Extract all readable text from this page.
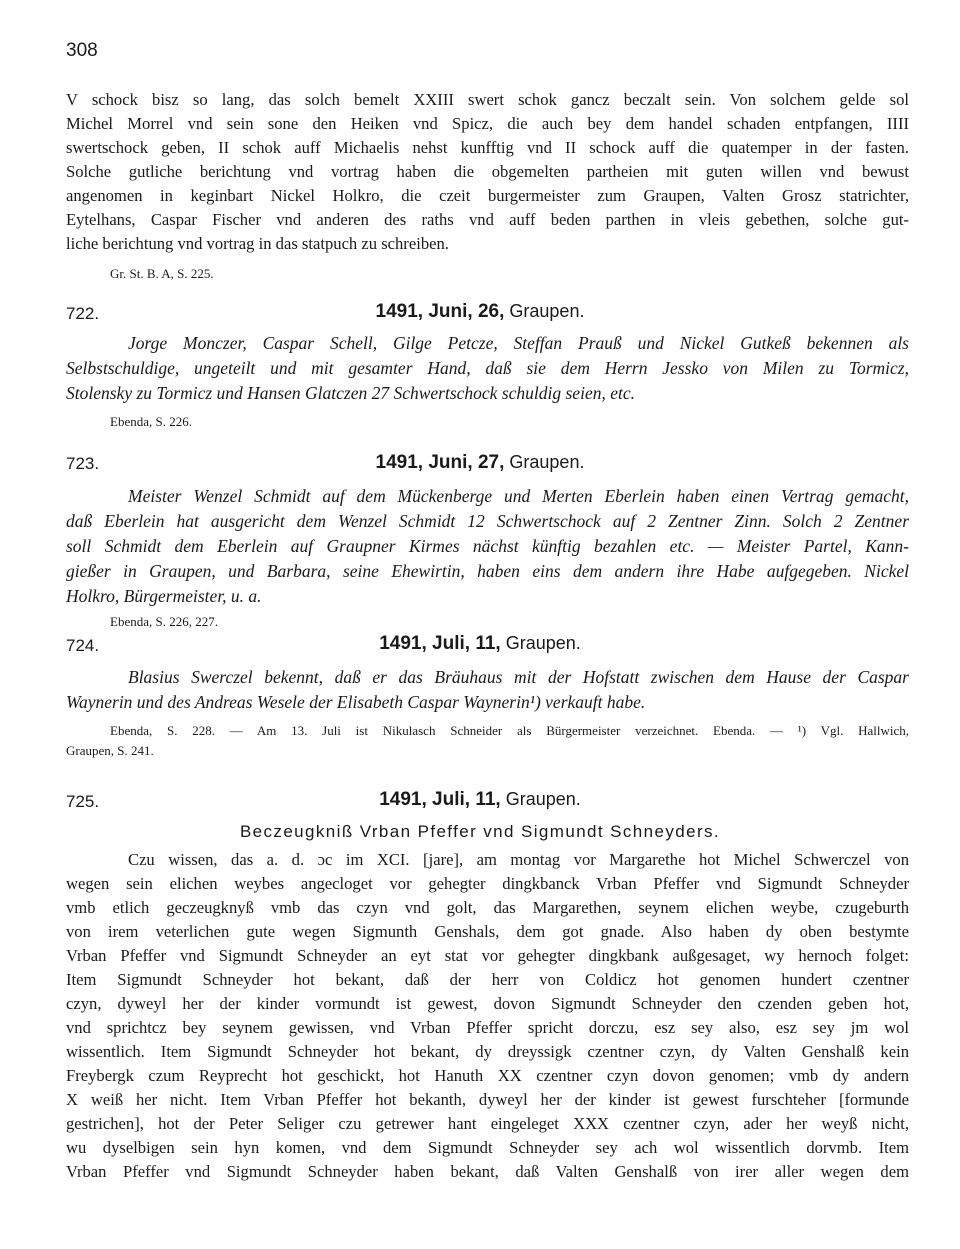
308
V schock bisz so lang, das solch bemelt XXIII swert schok gancz beczalt sein. Von solchem gelde sol
Michel Morrel vnd sein sone den Heiken vnd Spicz, die auch bey dem handel schaden entpfangen, IIII
swertschock geben, II schok auff Michaelis nehst kunfftig vnd II schock auff die quatemper in der fasten.
Solche gutliche berichtung vnd vortrag haben die obgemelten partheien mit guten willen vnd bewust
angenomen in keginbart Nickel Holkro, die czeit burgermeister zum Graupen, Valten Grosz statrichter,
Eytelhans, Caspar Fischer vnd anderen des raths vnd auff beden parthen in vleis gebethen, solche gut-
liche berichtung vnd vortrag in das statpuch zu schreiben.
Gr. St. B. A, S. 225.
722.	1491, Juni, 26, Graupen.
Jorge Monczer, Caspar Schell, Gilge Petcze, Steffan Prauß und Nickel Gutkeß bekennen als
Selbstschuldige, ungeteilt und mit gesamter Hand, daß sie dem Herrn Jessko von Milen zu Tormicz,
Stolensky zu Tormicz und Hansen Glatczen 27 Schwertschock schuldig seien, etc.
Ebenda, S. 226.
723.	1491, Juni, 27, Graupen.
Meister Wenzel Schmidt auf dem Mückenberge und Merten Eberlein haben einen Vertrag gemacht,
daß Eberlein hat ausgericht dem Wenzel Schmidt 12 Schwertschock auf 2 Zentner Zinn. Solch 2 Zentner
soll Schmidt dem Eberlein auf Graupner Kirmes nächst künftig bezahlen etc. — Meister Partel, Kann-
gießer in Graupen, und Barbara, seine Ehewirtin, haben eins dem andern ihre Habe aufgegeben. Nickel
Holkro, Bürgermeister, u. a.
Ebenda, S. 226, 227.
724.	1491, Juli, 11, Graupen.
Blasius Swerczel bekennt, daß er das Bräuhaus mit der Hofstatt zwischen dem Hause der Caspar
Waynerin und des Andreas Wesele der Elisabeth Caspar Waynerin¹) verkauft habe.
Ebenda, S. 228. — Am 13. Juli ist Nikulasch Schneider als Bürgermeister verzeichnet. Ebenda. — ¹) Vgl. Hallwich,
Graupen, S. 241.
725.	1491, Juli, 11, Graupen.
Beczeugknіß Vrban Pfeffer vnd Sigmundt Schneyders.
Czu wissen, das a. d. ɔc im XCI. [jare], am montag vor Margarethe hot Michel Schwerczel von
wegen sein elichen weybes angecloget vor gehegter dingkbanck Vrban Pfeffer vnd Sigmundt Schneyder
vmb etlich geczeugknyß vmb das czyn vnd golt, das Margarethen, seynem elichen weybe, czugeburth
von irem veterlichen gute wegen Sigmunth Genshals, dem got gnade. Also haben dy oben bestymte
Vrban Pfeffer vnd Sigmundt Schneyder an eyt stat vor gehegter dingkbank außgesaget, wy hernoch folget:
Item Sigmundt Schneyder hot bekant, daß der herr von Coldicz hot genomen hundert czentner
czyn, dyweyl her der kinder vormundt ist gewest, dovon Sigmundt Schneyder den czenden geben hot,
vnd sprichtcz bey seynem gewissen, vnd Vrban Pfeffer spricht dorczu, esz sey also, esz sey jm wol
wissentlich. Item Sigmundt Schneyder hot bekant, dy dreyssigk czentner czyn, dy Valten Genshalß kein
Freybergk czum Reyprecht hot geschickt, hot Hanuth XX czentner czyn dovon genomen; vmb dy andern
X weiß her nicht. Item Vrban Pfeffer hot bekanth, dyweyl her der kinder ist gewest furschteher [formunde
gestrichen], hot der Peter Seliger czu getrewer hant eingeleget XXX czentner czyn, ader her weyß nicht,
wu dyselbigen sein hyn komen, vnd dem Sigmundt Schneyder sey ach wol wissentlich dorvmb. Item
Vrban Pfeffer vnd Sigmundt Schneyder haben bekant, daß Valten Genshalß von irer aller wegen dem
